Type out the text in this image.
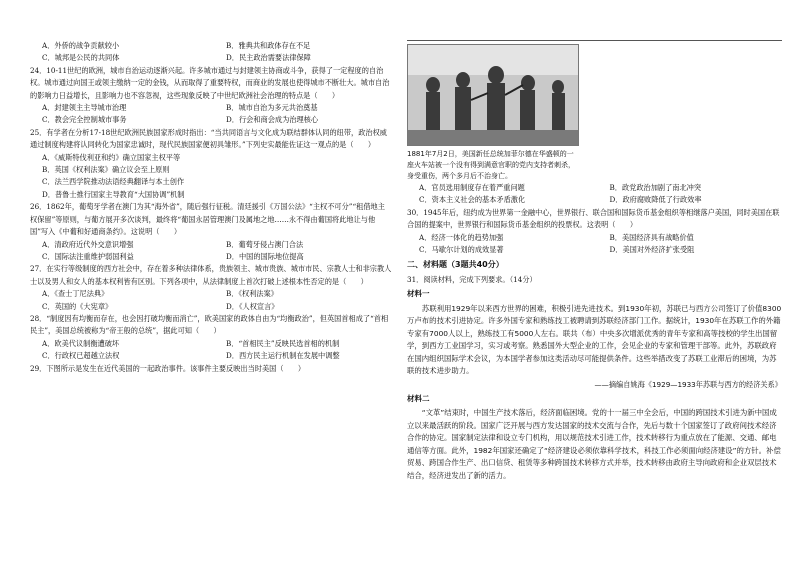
A．外侨的战争贡献较小	B．雅典共和政体存在不足
C．城邦是公民的共同体	D．民主政治需要法律保障

24．10-11世纪的欧洲，城市自治运动逐渐兴起。许多城市通过与封建领主协商或斗争，获得了一定程度的自治权。城市通过向国王或领主缴纳一定的金钱，从而取得了重要特权，而商业的发展也使得城市不断壮大。城市自治的影响力日益增长，且影响力也不容忽视，这些现象反映了中世纪欧洲社会治理的特点是（　　）

A．封建领主主导城市治理	B．城市自治为多元共治奠基
C．教会完全控制城市事务	D．行会和商会成为治理核心

25．有学者在分析17-18世纪欧洲民族国家形成时指出：“当共同语言与文化成为联结群体认同的纽带，政治权威通过制度构建将认同转化为国家忠诚时，现代民族国家便初具雏形。”下列史实最能佐证这一观点的是（　　）

A．《威斯特伐利亚和约》确立国家主权平等
B．英国《权利法案》确立议会至上原则
C．法兰西学院推动法语经典翻译与本土创作
D．普鲁士推行国家主导教育“大国协调”机制

26．1862年，葡萄牙学者在澳门为其“海外省”，随后强行征税。清廷援引《万国公法》“主权不可分”“租借地主权保留”等原则，与葡方展开多次谈判，最终将“葡国永居管理澳门及属地之地……永不得由葡国将此地让与他国”写入《中葡和好通商条约》。这说明（　　）

A．清政府近代外交意识增强	B．葡萄牙侵占澳门合法
C．国际法注重维护弱国利益	D．中国的国际地位提高

27．在实行等级制度的西方社会中，存在着多种法律体系，贵族领主、城市贵族、城市市民、宗教人士和非宗教人士以及男人和女人的基本权利皆有区别。下列各项中，从法律制度上首次打破上述根本性否定的是（　　）

A．《查士丁尼法典》	B．《权利法案》
C．英国的《大宪章》	D．《人权宣言》

28．“制度因有均衡而存在，也会因打破均衡而消亡”，欧美国家的政体自由为“均衡政治”，但英国首相成了“首相民主”，美国总统被称为“帝王般的总统”，据此可知（　　）

A．欧美代议制衡遭破坏	B．“首相民主”反映民选首相的机制
C．行政权已超越立法权	D．西方民主运行机制在发展中调整

29．下图所示是发生在近代美国的一起政治事件。该事件主要反映出当时美国（　　）

1881年7月2日，美国新任总统加菲尔德在华盛顿的一座火车站被一个没有得到满意官职的党内支持者刺杀，身受重伤，两个多月后不治身亡。
A．官员选用制度存在着严重问题	B．政党政治加剧了南北冲突
C．资本主义社会的基本矛盾激化	D．政府腐败降低了行政效率

30．1945年后，纽约成为世界第一金融中心，世界银行、联合国和国际货币基金组织等相继落户美国，同时美国在联合国的提案中，世界银行和国际货币基金组织的投票权。这表明（　　）

A．经济一体化的趋势加强	B．美国经济具有战略价值
C．马歇尔计划的成效显著	D．美国对外经济扩张受阻
二、材料题（3题共40分）

31．阅读材料，完成下列要求。（14分）

材料一

苏联利用1929年以来西方世界的困难，积极引进先进技术。到1930年初，苏联已与西方公司签订了价值8300万卢布的技术引进协定。许多外国专家和熟练技工被聘请到苏联经济部门工作。据统计，1930年在苏联工作的外籍专家有7000人以上，熟练技工有5000人左右。联共（布）中央多次增派优秀的青年专家和高等技校的学生出国留学，到西方工业国学习，实习或考察。熟悉国外大型企业的工作，会见企业的专家和管理干部等。此外，苏联政府在国内组织国际学术会议，为本国学者参加这类活动尽可能提供条件。这些举措改变了苏联工业滞后的困境，为苏联的技术进步助力。

——摘编自姚海《1929—1933年苏联与西方的经济关系》
材料二

“文革”结束时，中国生产技术落后，经济面临困境。党的十一届三中全会后，中国的跨国技术引进为新中国成立以来最活跃的阶段。国家广泛开展与西方发达国家的技术交流与合作，先后与数十个国家签订了政府间技术经济合作的协定。国家制定法律和设立专门机构，用以规范技术引进工作，技术转移行为重点放在了能源、交通、邮电通信等方面。此外，1982年国家还确定了“经济建设必须依靠科学技术，科技工作必须面向经济建设”的方针。补偿贸易、跨国合作生产、出口信贷、租赁等多种跨国技术转移方式并举，技术转移由政府主导向政府和企业双层技术结合，经济迸发出了新的活力。
